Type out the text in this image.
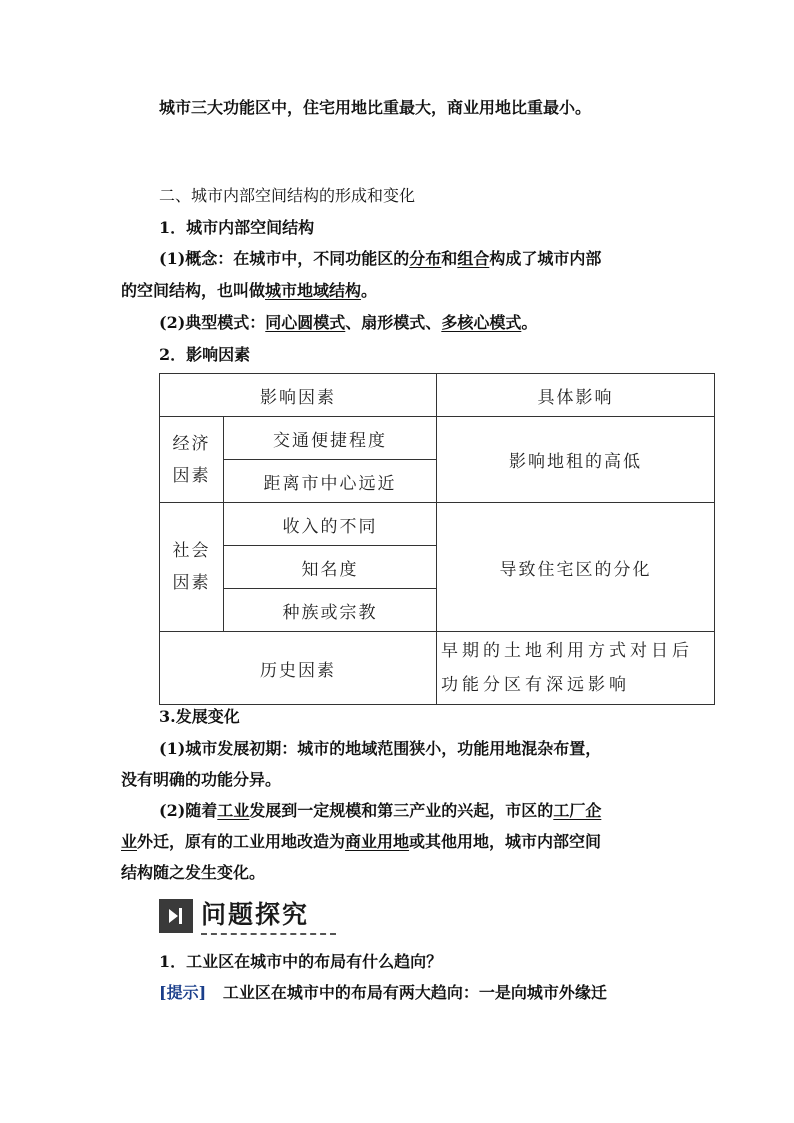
城市三大功能区中，住宅用地比重最大，商业用地比重最小。
二、城市内部空间结构的形成和变化
1．城市内部空间结构
(1)概念：在城市中，不同功能区的分布和组合构成了城市内部
的空间结构，也叫做城市地域结构。
(2)典型模式：同心圆模式、扇形模式、多核心模式。
2．影响因素
影响因素		具体影响
经济
因素	交通便捷程度	影响地租的高低
	距离市中心远近	
社会
因素	收入的不同	导致住宅区的分化
	知名度	
	种族或宗教	
历史因素		早期的土地利用方式对日后
功能分区有深远影响
3.发展变化
(1)城市发展初期：城市的地域范围狭小，功能用地混杂布置，
没有明确的功能分异。
(2)随着工业发展到一定规模和第三产业的兴起，市区的工厂企
业外迁，原有的工业用地改造为商业用地或其他用地，城市内部空间
结构随之发生变化。
问题探究
1．工业区在城市中的布局有什么趋向？
[提示] 工业区在城市中的布局有两大趋向：一是向城市外缘迁
